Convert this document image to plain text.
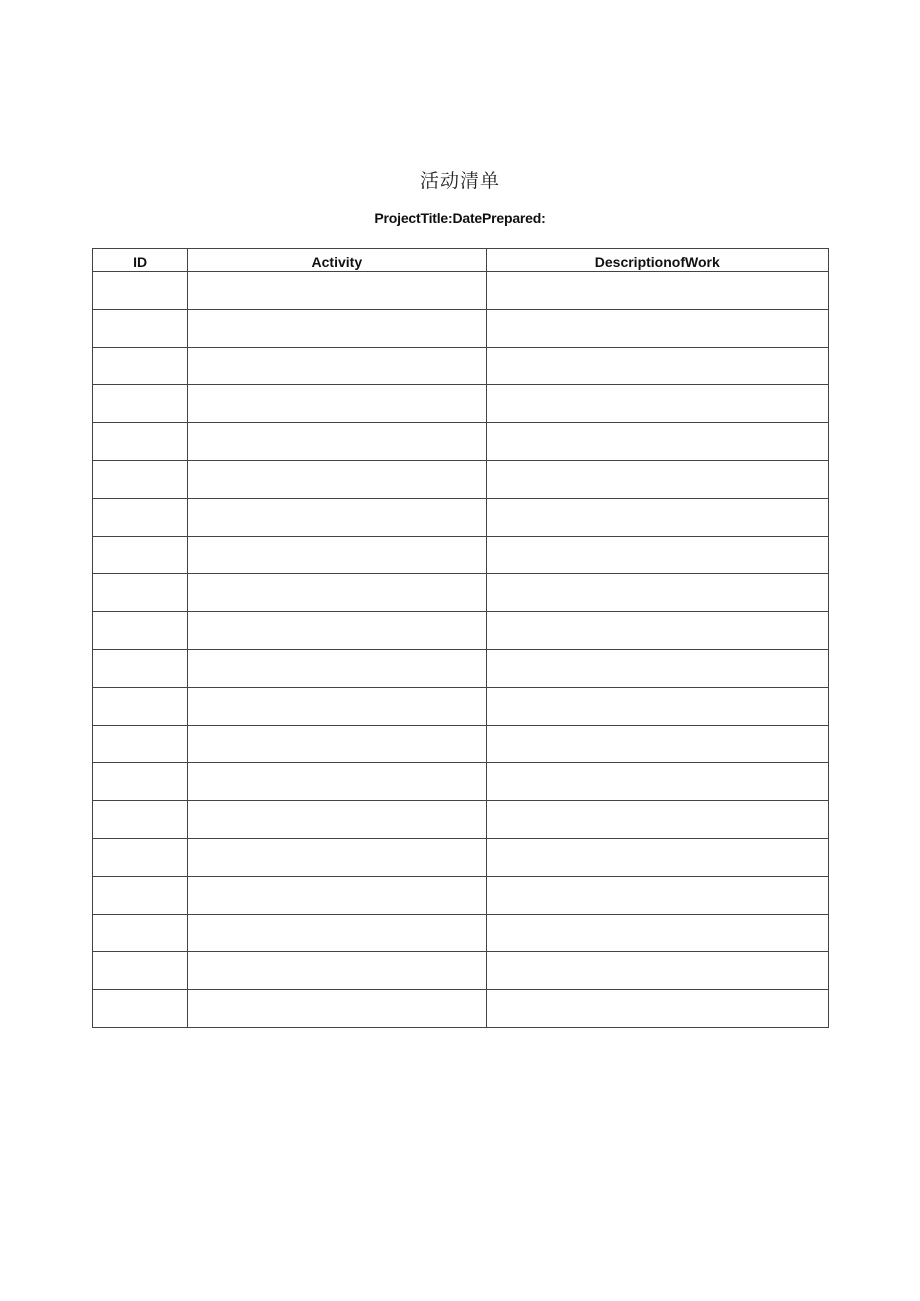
活动清单
ProjectTitle:DatePrepared:
ID	Activity	DescriptionofWork
